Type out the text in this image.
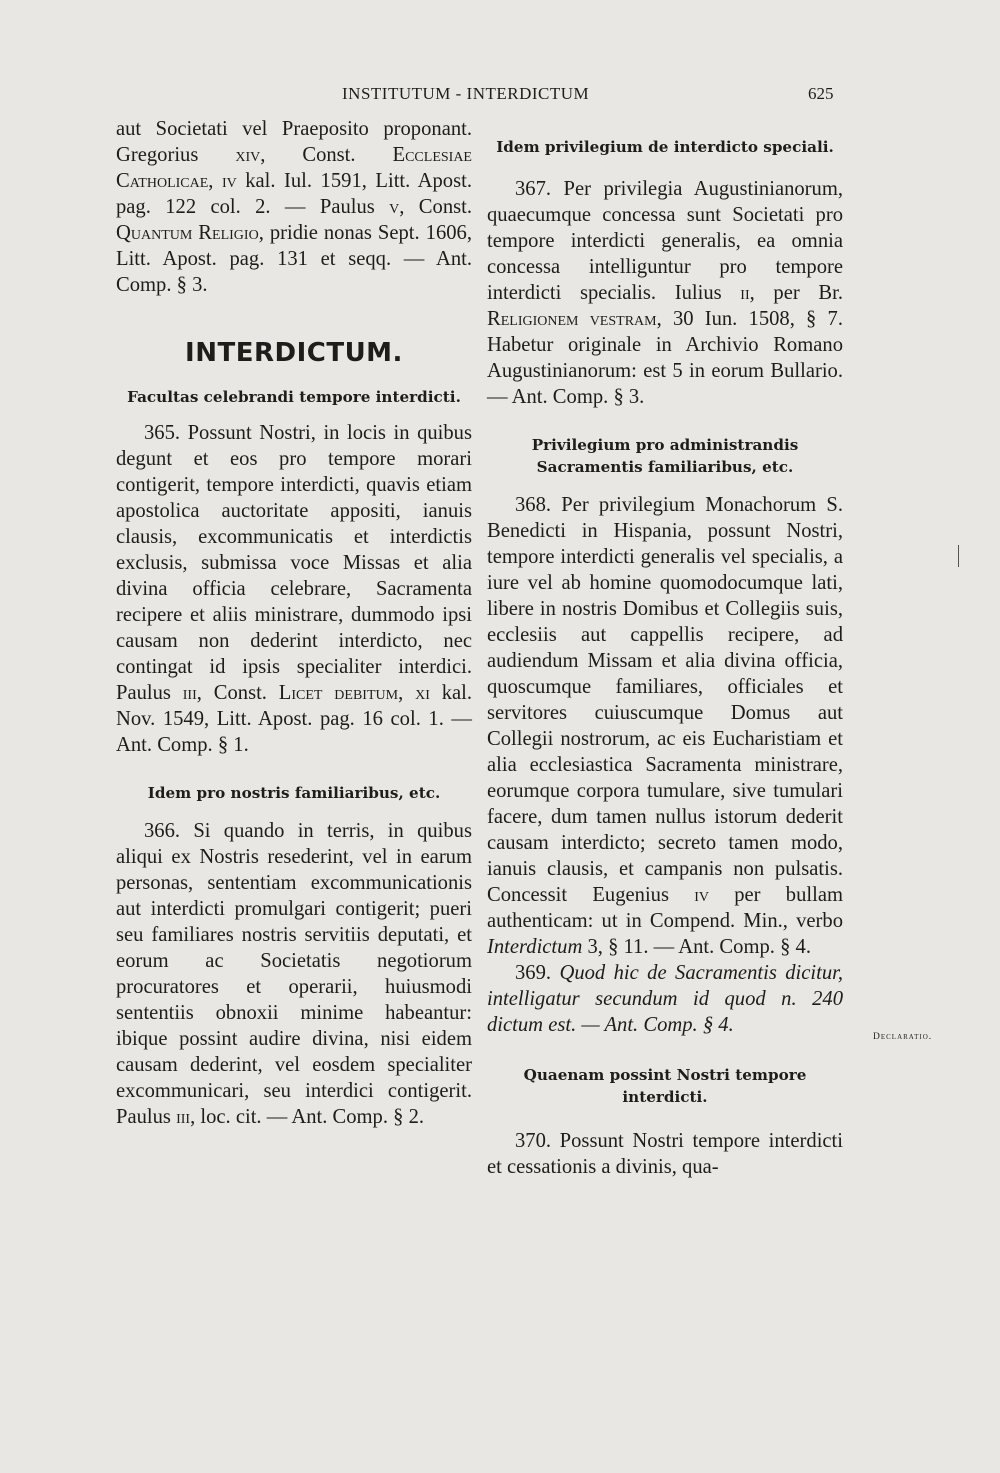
INSTITUTUM - INTERDICTUM	625

aut Societati vel Praeposito proponant. Gregorius xiv, Const. Ecclesiae Catholicae, iv kal. Iul. 1591, Litt. Apost. pag. 122 col. 2. — Paulus v, Const. Quantum Religio, pridie nonas Sept. 1606, Litt. Apost. pag. 131 et seqq. — Ant. Comp. § 3.

INTERDICTUM.
Facultas celebrandi tempore interdicti.

365. Possunt Nostri, in locis in quibus degunt et eos pro tempore morari contigerit, tempore interdicti, quavis etiam apostolica auctoritate appositi, ianuis clausis, excommunicatis et interdictis exclusis, submissa voce Missas et alia divina officia celebrare, Sacramenta recipere et aliis ministrare, dummodo ipsi causam non dederint interdicto, nec contingat id ipsis specialiter interdici. Paulus iii, Const. Licet debitum, xi kal. Nov. 1549, Litt. Apost. pag. 16 col. 1. — Ant. Comp. § 1.

Idem pro nostris familiaribus, etc.

366. Si quando in terris, in quibus aliqui ex Nostris resederint, vel in earum personas, sententiam excommunicationis aut interdicti promulgari contigerit; pueri seu familiares nostris servitiis deputati, et eorum ac Societatis negotiorum procuratores et operarii, huiusmodi sententiis obnoxii minime habeantur: ibique possint audire divina, nisi eidem causam dederint, vel eosdem specialiter excommunicari, seu interdici contigerit. Paulus iii, loc. cit. — Ant. Comp. § 2.

Idem privilegium de interdicto speciali.

367. Per privilegia Augustinianorum, quaecumque concessa sunt Societati pro tempore interdicti generalis, ea omnia concessa intelliguntur pro tempore interdicti specialis. Iulius ii, per Br. Religionem vestram, 30 Iun. 1508, § 7. Habetur originale in Archivio Romano Augustinianorum: est 5 in eorum Bullario. — Ant. Comp. § 3.

Privilegium pro administrandis Sacramentis familiaribus, etc.

368. Per privilegium Monachorum S. Benedicti in Hispania, possunt Nostri, tempore interdicti generalis vel specialis, a iure vel ab homine quomodocumque lati, libere in nostris Domibus et Collegiis suis, ecclesiis aut cappellis recipere, ad audiendum Missam et alia divina officia, quoscumque familiares, officiales et servitores cuiuscumque Domus aut Collegii nostrorum, ac eis Eucharistiam et alia ecclesiastica Sacramenta ministrare, eorumque corpora tumulare, sive tumulari facere, dum tamen nullus istorum dederit causam interdicto; secreto tamen modo, ianuis clausis, et campanis non pulsatis. Concessit Eugenius iv per bullam authenticam: ut in Compend. Min., verbo Interdictum 3, § 11. — Ant. Comp. § 4.

369. Quod hic de Sacramentis dicitur, intelligatur secundum id quod n. 240 dictum est. — Ant. Comp. § 4.

Quaenam possint Nostri tempore interdicti.

370. Possunt Nostri tempore interdicti et cessationis a divinis, qua-

Declaratio.
